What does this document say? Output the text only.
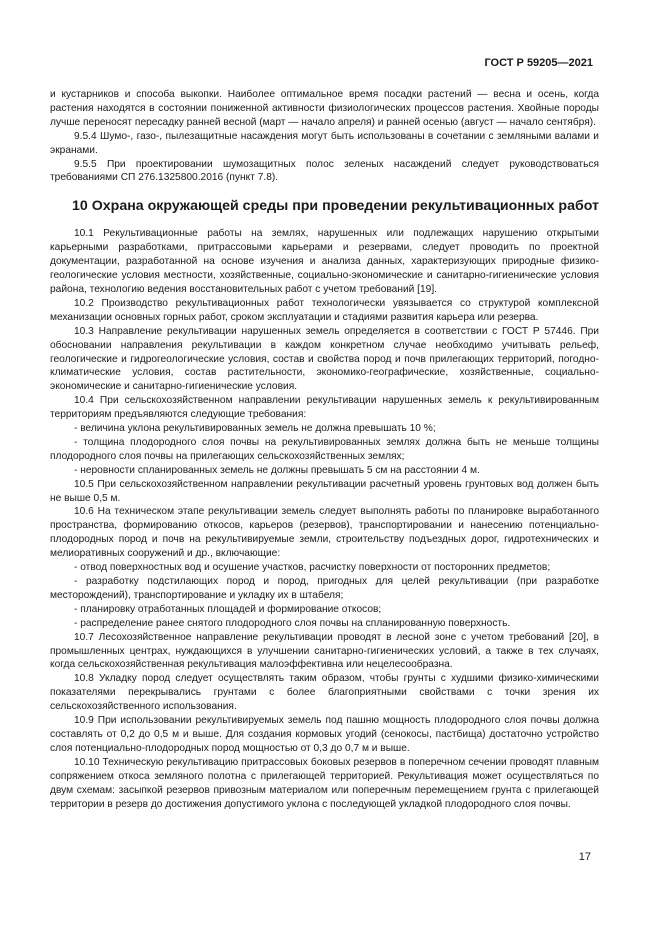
ГОСТ Р 59205—2021

и кустарников и способа выкопки. Наиболее оптимальное время посадки растений — весна и осень, когда растения находятся в состоянии пониженной активности физиологических процессов растения. Хвойные породы лучше переносят пересадку ранней весной (март — начало апреля) и ранней осенью (август — начало сентября).

9.5.4 Шумо-, газо-, пылезащитные насаждения могут быть использованы в сочетании с земляными валами и экранами.

9.5.5 При проектировании шумозащитных полос зеленых насаждений следует руководствоваться требованиями СП 276.1325800.2016 (пункт 7.8).

10 Охрана окружающей среды при проведении рекультивационных работ

10.1 Рекультивационные работы на землях, нарушенных или подлежащих нарушению открытыми карьерными разработками, притрассовыми карьерами и резервами, следует проводить по проектной документации, разработанной на основе изучения и анализа данных, характеризующих природные физико-геологические условия местности, хозяйственные, социально-экономические и санитарно-гигиенические условия района, технологию ведения восстановительных работ с учетом требований [19].

10.2 Производство рекультивационных работ технологически увязывается со структурой комплексной механизации основных горных работ, сроком эксплуатации и стадиями развития карьера или резерва.

10.3 Направление рекультивации нарушенных земель определяется в соответствии с ГОСТ Р 57446. При обосновании направления рекультивации в каждом конкретном случае необходимо учитывать рельеф, геологические и гидрогеологические условия, состав и свойства пород и почв прилегающих территорий, погодно-климатические условия, состав растительности, экономико-географические, хозяйственные, социально-экономические и санитарно-гигиенические условия.

10.4 При сельскохозяйственном направлении рекультивации нарушенных земель к рекультивированным территориям предъявляются следующие требования:

- величина уклона рекультивированных земель не должна превышать 10 %;

- толщина плодородного слоя почвы на рекультивированных землях должна быть не меньше толщины плодородного слоя почвы на прилегающих сельскохозяйственных землях;

- неровности спланированных земель не должны превышать 5 см на расстоянии 4 м.

10.5 При сельскохозяйственном направлении рекультивации расчетный уровень грунтовых вод должен быть не выше 0,5 м.

10.6 На техническом этапе рекультивации земель следует выполнять работы по планировке выработанного пространства, формированию откосов, карьеров (резервов), транспортировании и нанесению потенциально-плодородных пород и почв на рекультивируемые земли, строительству подъездных дорог, гидротехнических и мелиоративных сооружений и др., включающие:

- отвод поверхностных вод и осушение участков, расчистку поверхности от посторонних предметов;

- разработку подстилающих пород и пород, пригодных для целей рекультивации (при разработке месторождений), транспортирование и укладку их в штабеля;

- планировку отработанных площадей и формирование откосов;

- распределение ранее снятого плодородного слоя почвы на спланированную поверхность.

10.7 Лесохозяйственное направление рекультивации проводят в лесной зоне с учетом требований [20], в промышленных центрах, нуждающихся в улучшении санитарно-гигиенических условий, а также в тех случаях, когда сельскохозяйственная рекультивация малоэффективна или нецелесообразна.

10.8 Укладку пород следует осуществлять таким образом, чтобы грунты с худшими физико-химическими показателями перекрывались грунтами с более благоприятными свойствами с точки зрения их сельскохозяйственного использования.

10.9 При использовании рекультивируемых земель под пашню мощность плодородного слоя почвы должна составлять от 0,2 до 0,5 м и выше. Для создания кормовых угодий (сенокосы, пастбища) достаточно устройство слоя потенциально-плодородных пород мощностью от 0,3 до 0,7 м и выше.

10.10 Техническую рекультивацию притрассовых боковых резервов в поперечном сечении проводят плавным сопряжением откоса земляного полотна с прилегающей территорией. Рекультивация может осуществляться по двум схемам: засыпкой резервов привозным материалом или поперечным перемещением грунта с прилегающей территории в резерв до достижения допустимого уклона с последующей укладкой плодородного слоя почвы.

17
